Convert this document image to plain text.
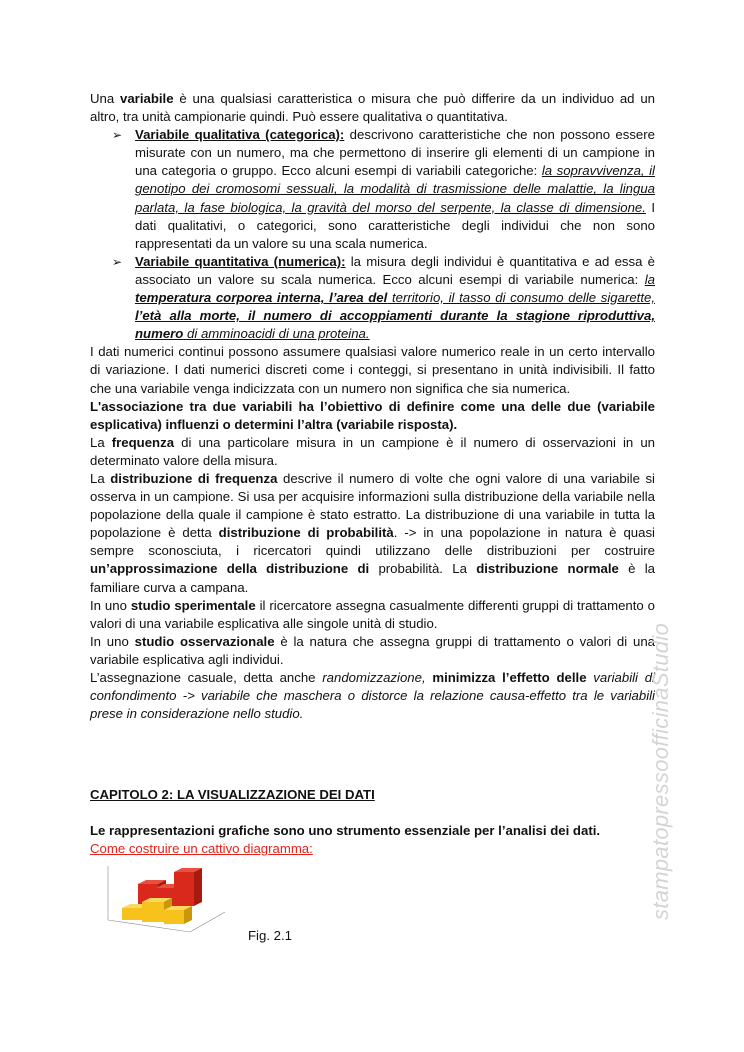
Una variabile è una qualsiasi caratteristica o misura che può differire da un individuo ad un altro, tra unità campionarie quindi. Può essere qualitativa o quantitativa.

➢ Variabile qualitativa (categorica): descrivono caratteristiche che non possono essere misurate con un numero, ma che permettono di inserire gli elementi di un campione in una categoria o gruppo. Ecco alcuni esempi di variabili categoriche: la sopravvivenza, il genotipo dei cromosomi sessuali, la modalità di trasmissione delle malattie, la lingua parlata, la fase biologica, la gravità del morso del serpente, la classe di dimensione. I dati qualitativi, o categorici, sono caratteristiche degli individui che non sono rappresentati da un valore su una scala numerica.

➢ Variabile quantitativa (numerica): la misura degli individui è quantitativa e ad essa è associato un valore su scala numerica. Ecco alcuni esempi di variabile numerica: la temperatura corporea interna, l’area del territorio, il tasso di consumo delle sigarette, l’età alla morte, il numero di accoppiamenti durante la stagione riproduttiva, numero di amminoacidi di una proteina.

I dati numerici continui possono assumere qualsiasi valore numerico reale in un certo intervallo di variazione. I dati numerici discreti come i conteggi, si presentano in unità indivisibili. Il fatto che una variabile venga indicizzata con un numero non significa che sia numerica.

L'associazione tra due variabili ha l’obiettivo di definire come una delle due (variabile esplicativa) influenzi o determini l’altra (variabile risposta).

La frequenza di una particolare misura in un campione è il numero di osservazioni in un determinato valore della misura.

La distribuzione di frequenza descrive il numero di volte che ogni valore di una variabile si osserva in un campione. Si usa per acquisire informazioni sulla distribuzione della variabile nella popolazione della quale il campione è stato estratto. La distribuzione di una variabile in tutta la popolazione è detta distribuzione di probabilità. -> in una popolazione in natura è quasi sempre sconosciuta, i ricercatori quindi utilizzano delle distribuzioni per costruire un’approssimazione della distribuzione di probabilità. La distribuzione normale è la familiare curva a campana.

In uno studio sperimentale il ricercatore assegna casualmente differenti gruppi di trattamento o valori di una variabile esplicativa alle singole unità di studio.

In uno studio osservazionale è la natura che assegna gruppi di trattamento o valori di una variabile esplicativa agli individui.

L’assegnazione casuale, detta anche randomizzazione, minimizza l’effetto delle variabili di confondimento -> variabile che maschera o distorce la relazione causa-effetto tra le variabili prese in considerazione nello studio.

CAPITOLO 2: LA VISUALIZZAZIONE DEI DATI
Le rappresentazioni grafiche sono uno strumento essenziale per l’analisi dei dati.
Come costruire un cattivo diagramma:
Fig. 2.1
stampatopressoofficinaStudio
